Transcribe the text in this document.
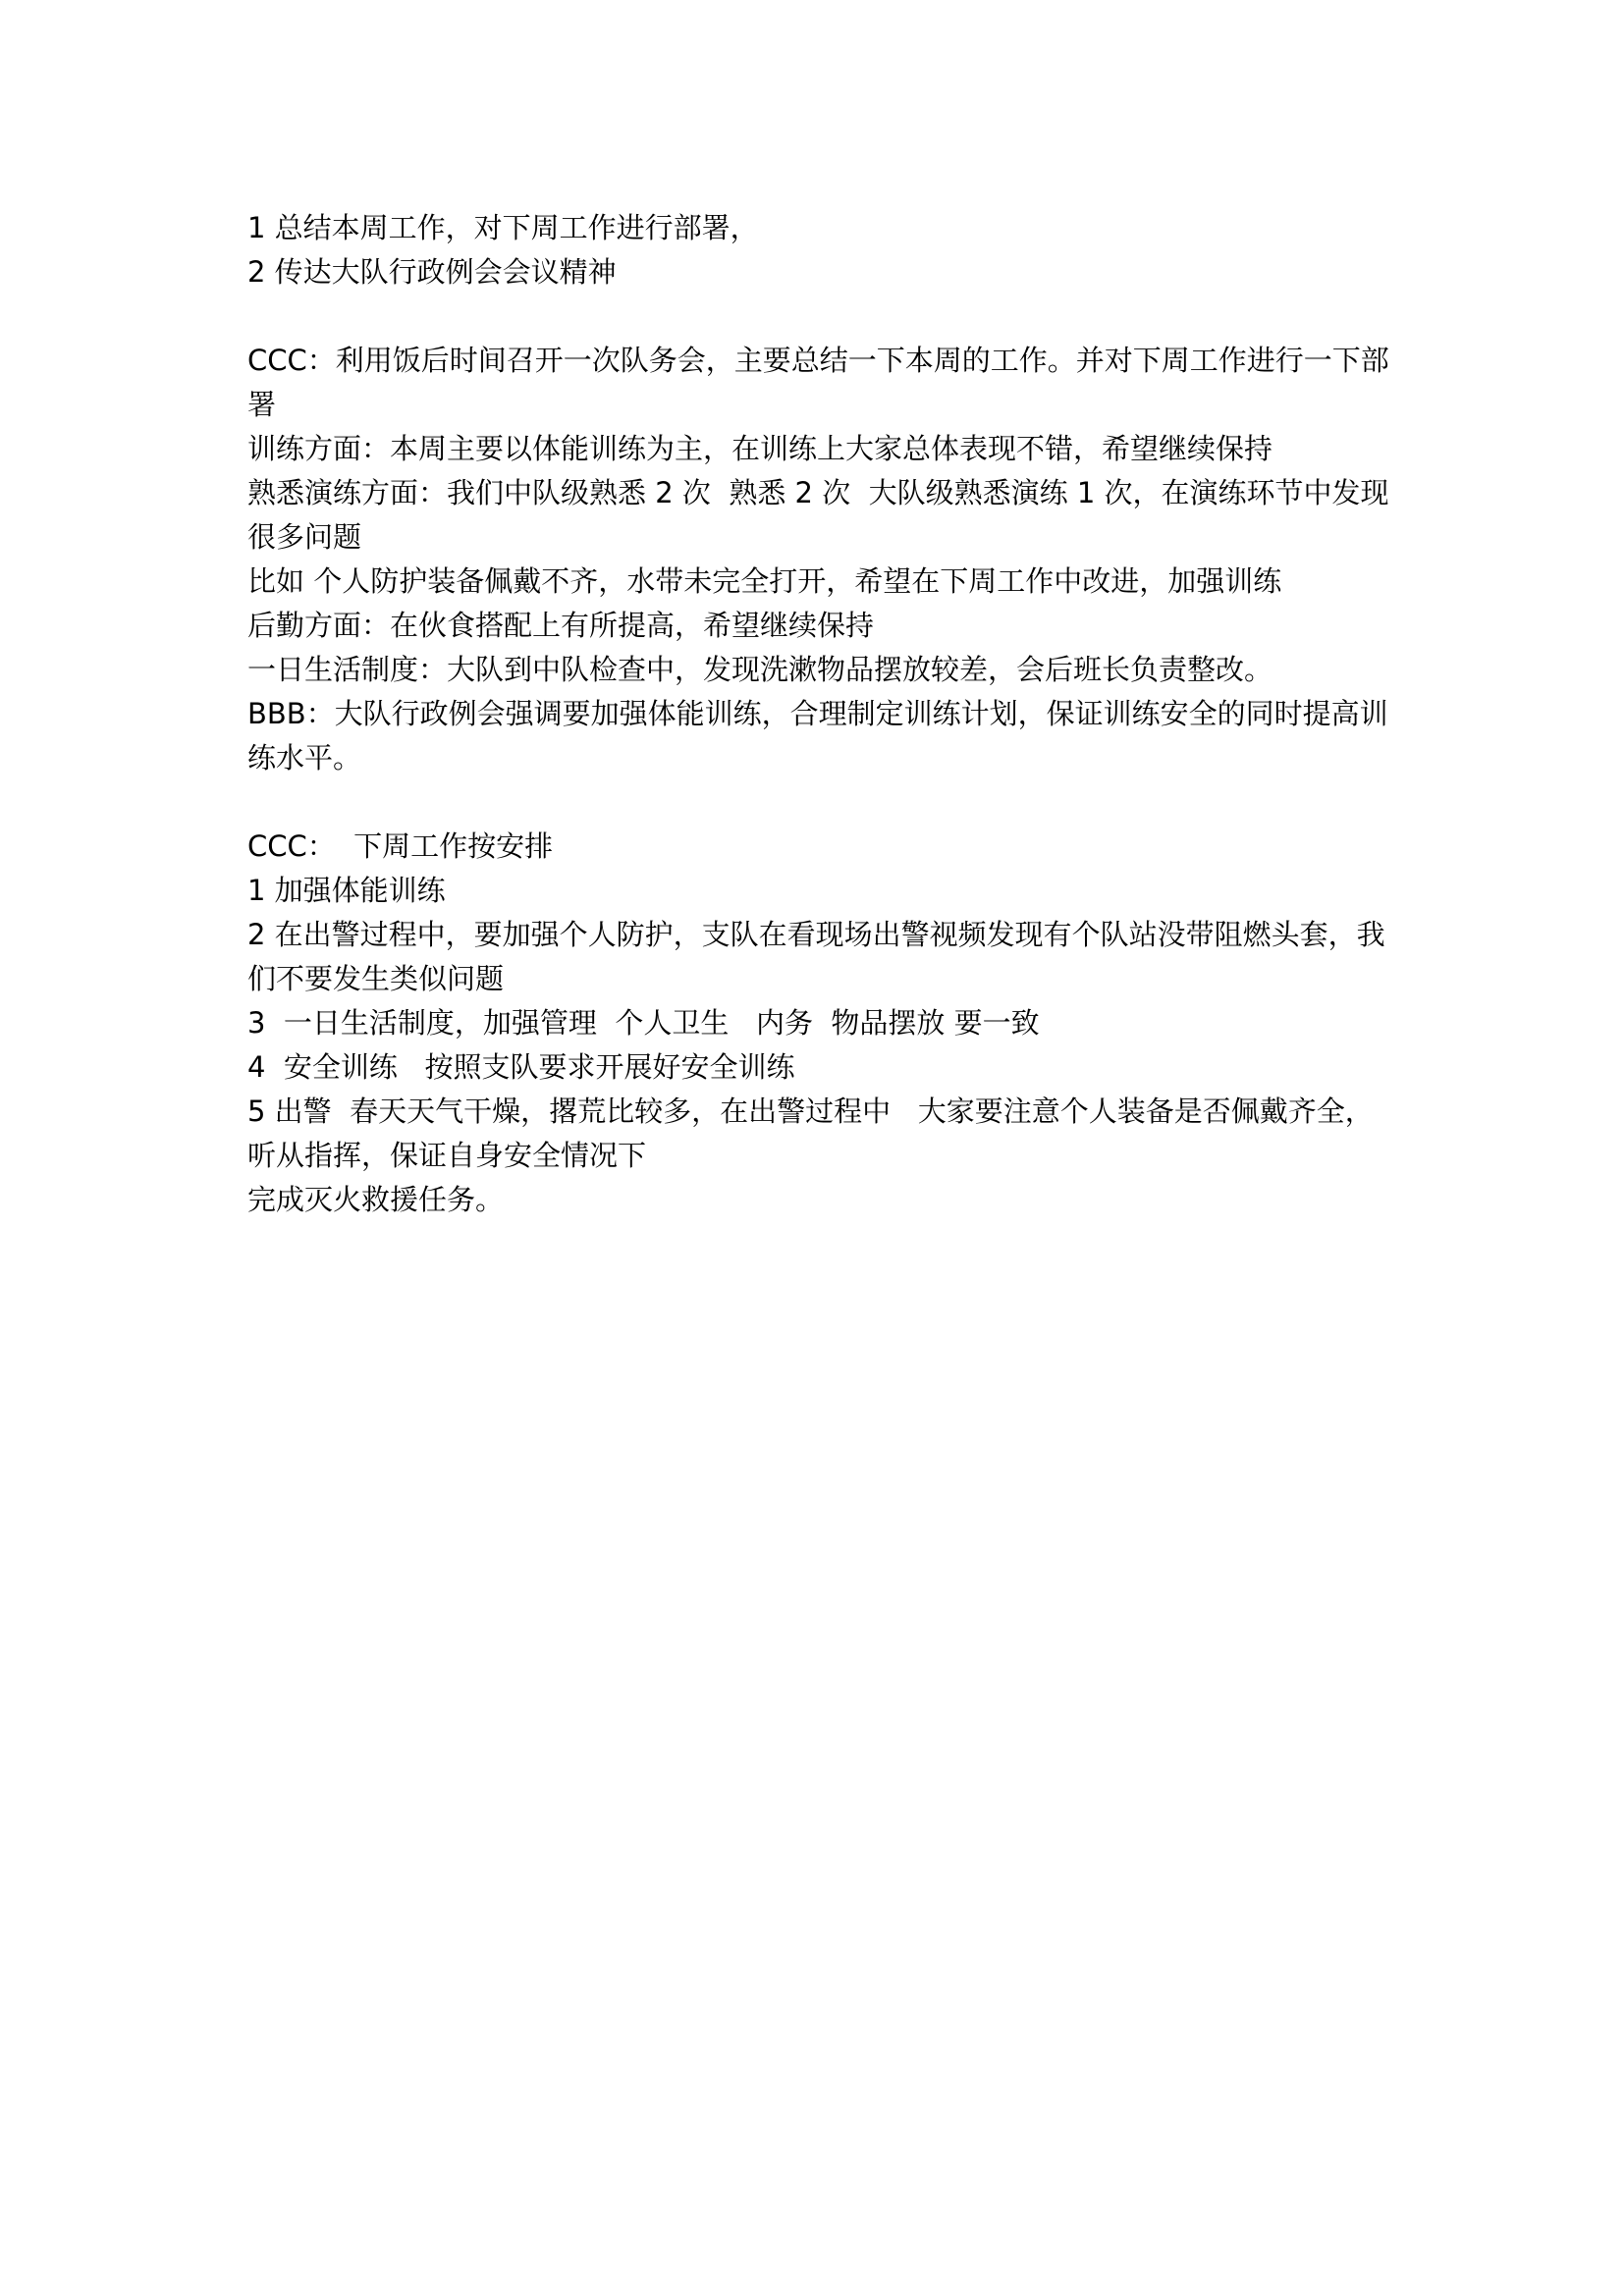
1 总结本周工作，对下周工作进行部署，

2 传达大队行政例会会议精神

CCC：利用饭后时间召开一次队务会，主要总结一下本周的工作。并对下周工作进行一下部署

训练方面：本周主要以体能训练为主，在训练上大家总体表现不错，希望继续保持

熟悉演练方面：我们中队级熟悉 2 次  熟悉 2 次  大队级熟悉演练 1 次，在演练环节中发现很多问题

比如 个人防护装备佩戴不齐，水带未完全打开，希望在下周工作中改进，加强训练

后勤方面：在伙食搭配上有所提高，希望继续保持

一日生活制度：大队到中队检查中，发现洗漱物品摆放较差，会后班长负责整改。

BBB：大队行政例会强调要加强体能训练，合理制定训练计划，保证训练安全的同时提高训练水平。

CCC：  下周工作按安排

1 加强体能训练

2 在出警过程中，要加强个人防护，支队在看现场出警视频发现有个队站没带阻燃头套，我们不要发生类似问题

3  一日生活制度，加强管理  个人卫生   内务  物品摆放 要一致

4  安全训练   按照支队要求开展好安全训练

5 出警  春天天气干燥，撂荒比较多，在出警过程中   大家要注意个人装备是否佩戴齐全，听从指挥，保证自身安全情况下

完成灭火救援任务。
